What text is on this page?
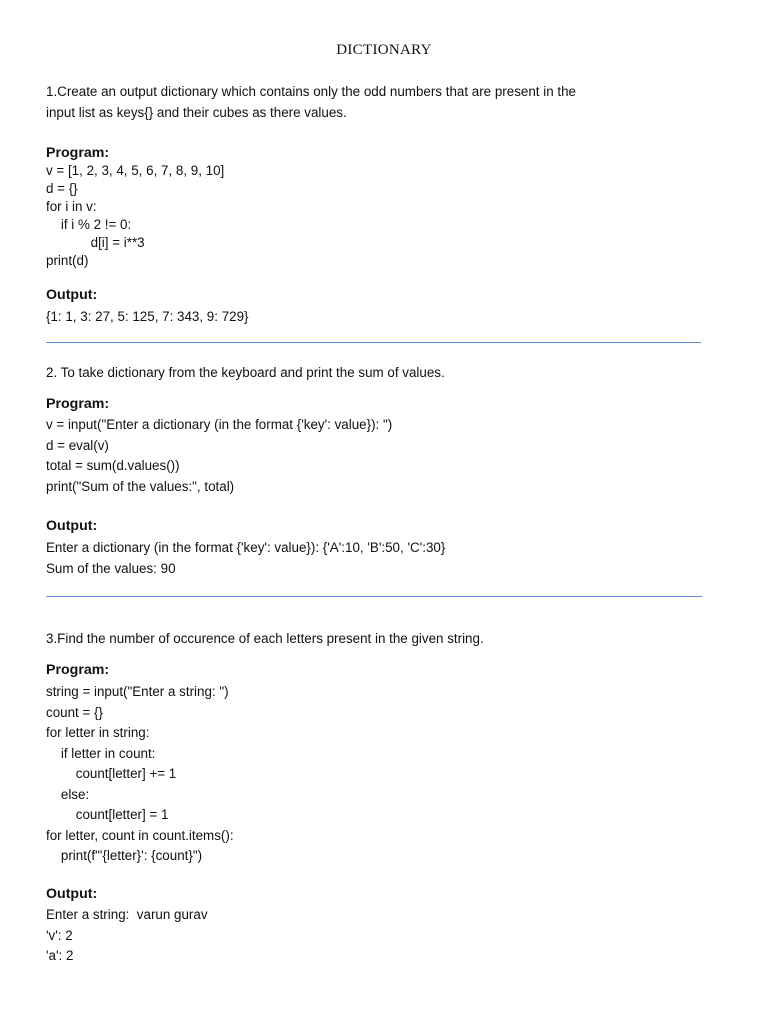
DICTIONARY
1.Create an output dictionary which contains only the odd numbers that are present in the
input list as keys{} and their cubes as there values.
Program:
v = [1, 2, 3, 4, 5, 6, 7, 8, 9, 10]
d = {}
for i in v:
if i % 2 != 0:
d[i] = i**3
print(d)
Output:
{1: 1, 3: 27, 5: 125, 7: 343, 9: 729}
2. To take dictionary from the keyboard and print the sum of values.
Program:
v = input("Enter a dictionary (in the format {'key': value}): ")
d = eval(v)
total = sum(d.values())
print("Sum of the values:", total)
Output:
Enter a dictionary (in the format {'key': value}): {'A':10, 'B':50, 'C':30}
Sum of the values: 90
3.Find the number of occurence of each letters present in the given string.
Program:
string = input("Enter a string: ")
count = {}
for letter in string:
if letter in count:
count[letter] += 1
else:
count[letter] = 1
for letter, count in count.items():
print(f"'{letter}': {count}")
Output:
Enter a string:  varun gurav
'v': 2
'a': 2
